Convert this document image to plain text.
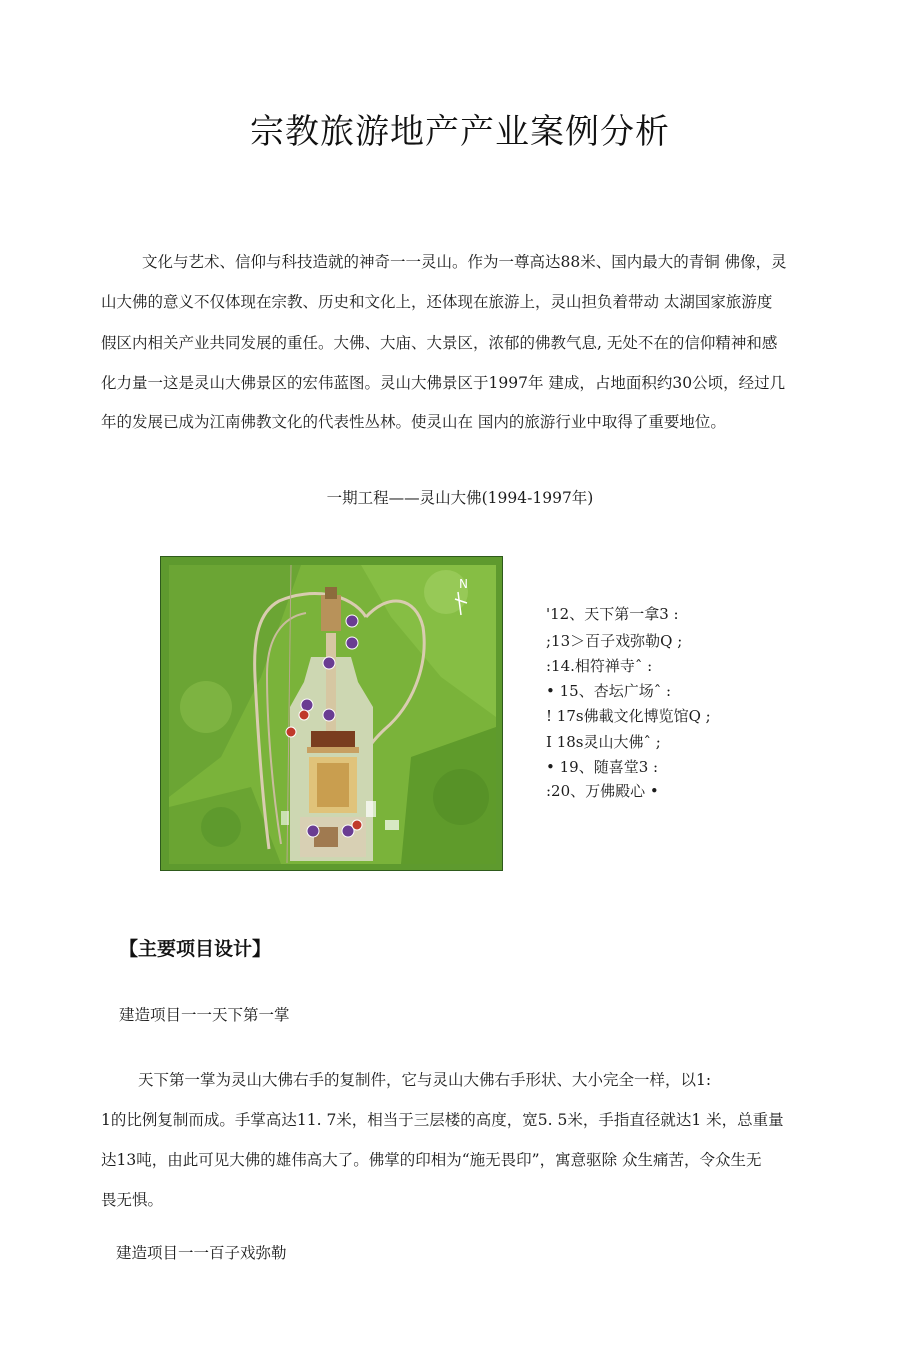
宗教旅游地产产业案例分析
文化与艺术、信仰与科技造就的神奇一一灵山。作为一尊高达88米、国内最大的青铜 佛像，灵
山大佛的意义不仅体现在宗教、历史和文化上，还体现在旅游上，灵山担负着带动 太湖国家旅游度
假区内相关产业共同发展的重任。大佛、大庙、大景区，浓郁的佛教气息, 无处不在的信仰精神和感
化力量一这是灵山大佛景区的宏伟蓝图。灵山大佛景区于1997年 建成，占地面积约30公顷，经过几
年的发展已成为江南佛教文化的代表性丛林。使灵山在 国内的旅游行业中取得了重要地位。
一期工程——灵山大佛(1994-1997年)
N
'12、天下第一拿3 :
;13＞百子戏弥勒Q ;
:14.相符禅寺ˆ :
• 15、杏坛广场ˆ :
! 17s佛載文化博览馆Q ;
I 18s灵山大佛ˆ ;
• 19、随喜堂3 :
:20、万佛殿心 •
【主要项目设计】
建造项目一一天下第一掌
天下第一掌为灵山大佛右手的复制件，它与灵山大佛右手形状、大小完全一样，以1:
1的比例复制而成。手掌高达11. 7米，相当于三层楼的高度，宽5. 5米，手指直径就达1 米，总重量
达13吨，由此可见大佛的雄伟高大了。佛掌的印相为“施无畏印”，寓意驱除 众生痛苦，令众生无
畏无惧。
建造项目一一百子戏弥勒
